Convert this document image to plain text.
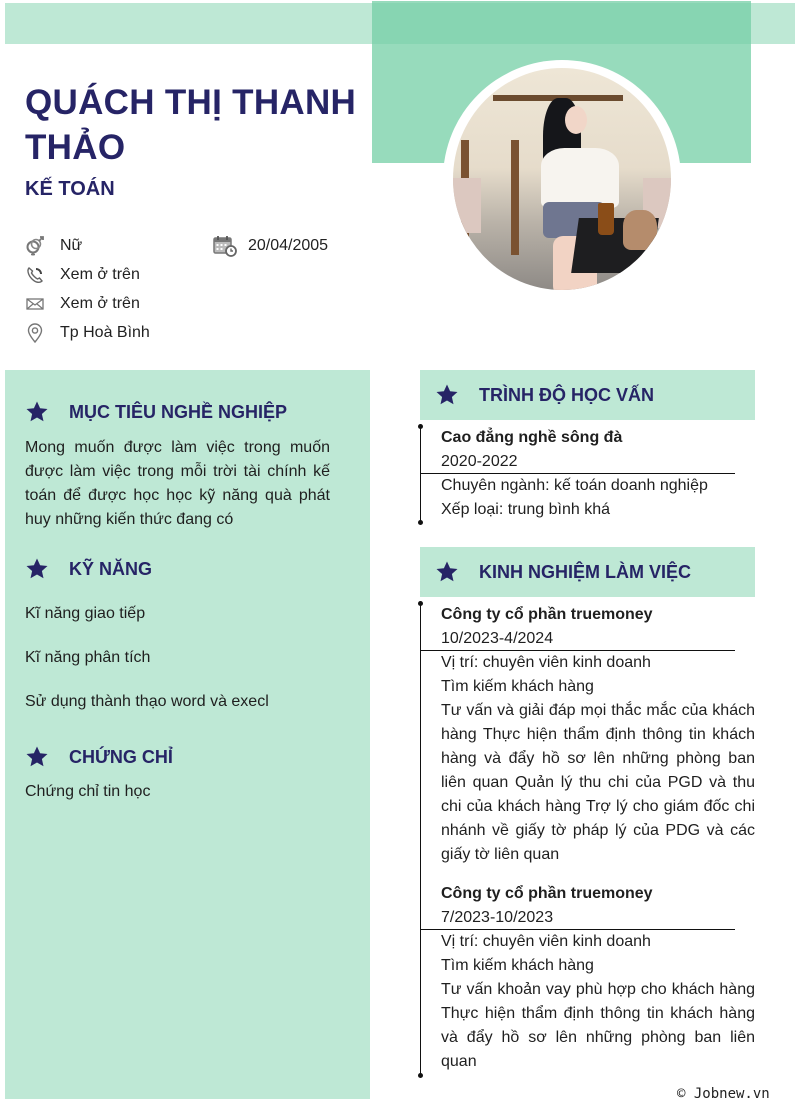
QUÁCH THỊ THANH THẢO
KẾ TOÁN
Nữ	20/04/2005
Xem ở trên
Xem ở trên
Tp Hoà Bình
MỤC TIÊU NGHỀ NGHIỆP
Mong muốn được làm việc trong muốn được làm việc trong mỗi trời tài chính kế toán để được học học kỹ năng quà phát huy những kiến thức đang có
KỸ NĂNG
Kĩ năng giao tiếp
Kĩ năng phân tích
Sử dụng thành thạo word và execl
CHỨNG CHỈ
Chứng chỉ tin học
TRÌNH ĐỘ HỌC VẤN
Cao đẳng nghề sông đà
2020-2022
Chuyên ngành: kế toán doanh nghiệp
Xếp loại: trung bình khá
KINH NGHIỆM LÀM VIỆC
Công ty cổ phần truemoney
10/2023-4/2024
Vị trí: chuyên viên kinh doanh
Tìm kiếm khách hàng
Tư vấn và giải đáp mọi thắc mắc của khách hàng Thực hiện thẩm định thông tin khách hàng và đẩy hồ sơ lên những phòng ban liên quan Quản lý thu chi của PGD và thu chi của khách hàng Trợ lý cho giám đốc chi nhánh về giấy tờ pháp lý của PDG và các giấy tờ liên quan
Công ty cổ phần truemoney
7/2023-10/2023
Vị trí: chuyên viên kinh doanh
Tìm kiếm khách hàng
Tư vấn khoản vay phù hợp cho khách hàng Thực hiện thẩm định thông tin khách hàng và đẩy hồ sơ lên những phòng ban liên quan
© Jobnew.vn
